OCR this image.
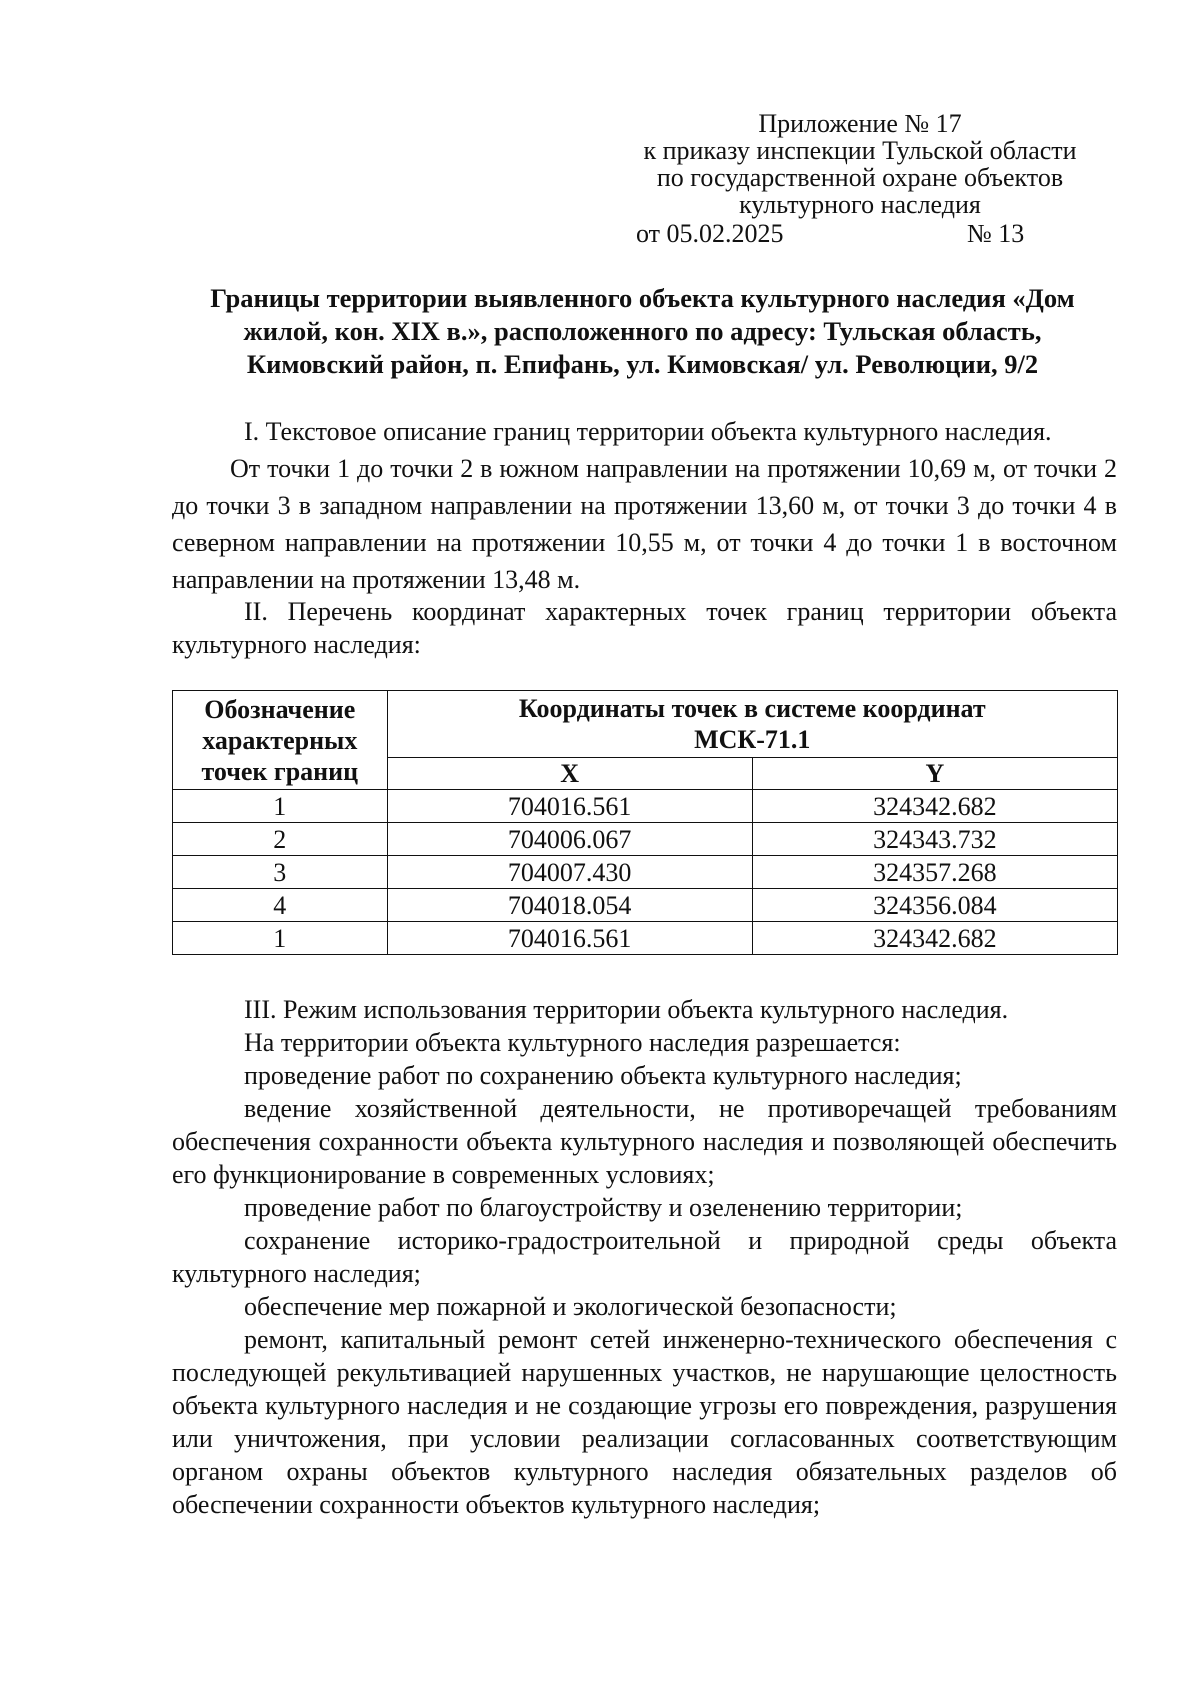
Приложение № 17
к приказу инспекции Тульской области
по государственной охране объектов
культурного наследия
от 05.02.2025	№ 13
Границы территории выявленного объекта культурного наследия «Дом
жилой, кон. XIX в.», расположенного по адресу: Тульская область,
Кимовский район, п. Епифань, ул. Кимовская/ ул. Революции, 9/2

I. Текстовое описание границ территории объекта культурного наследия.

От точки 1 до точки 2 в южном направлении на протяжении 10,69 м, от точки 2 до точки 3 в западном направлении на протяжении 13,60 м, от точки 3 до точки 4 в северном направлении на протяжении 10,55 м, от точки 4 до точки 1 в восточном направлении на протяжении 13,48 м.

II. Перечень координат характерных точек границ территории объекта культурного наследия:

Обозначение характерных точек границ	Координаты точек в системе координат
МСК-71.1	

	X	Y
1	704016.561	324342.682
2	704006.067	324343.732
3	704007.430	324357.268
4	704018.054	324356.084
1	704016.561	324342.682

III. Режим использования территории объекта культурного наследия.

На территории объекта культурного наследия разрешается:

проведение работ по сохранению объекта культурного наследия;

ведение хозяйственной деятельности, не противоречащей требованиям обеспечения сохранности объекта культурного наследия и позволяющей обеспечить его функционирование в современных условиях;

проведение работ по благоустройству и озеленению территории;

сохранение историко-градостроительной и природной среды объекта культурного наследия;

обеспечение мер пожарной и экологической безопасности;

ремонт, капитальный ремонт сетей инженерно-технического обеспечения с последующей рекультивацией нарушенных участков, не нарушающие целостность объекта культурного наследия и не создающие угрозы его повреждения, разрушения или уничтожения, при условии реализации согласованных соответствующим органом охраны объектов культурного наследия обязательных разделов об обеспечении сохранности объектов культурного наследия;
